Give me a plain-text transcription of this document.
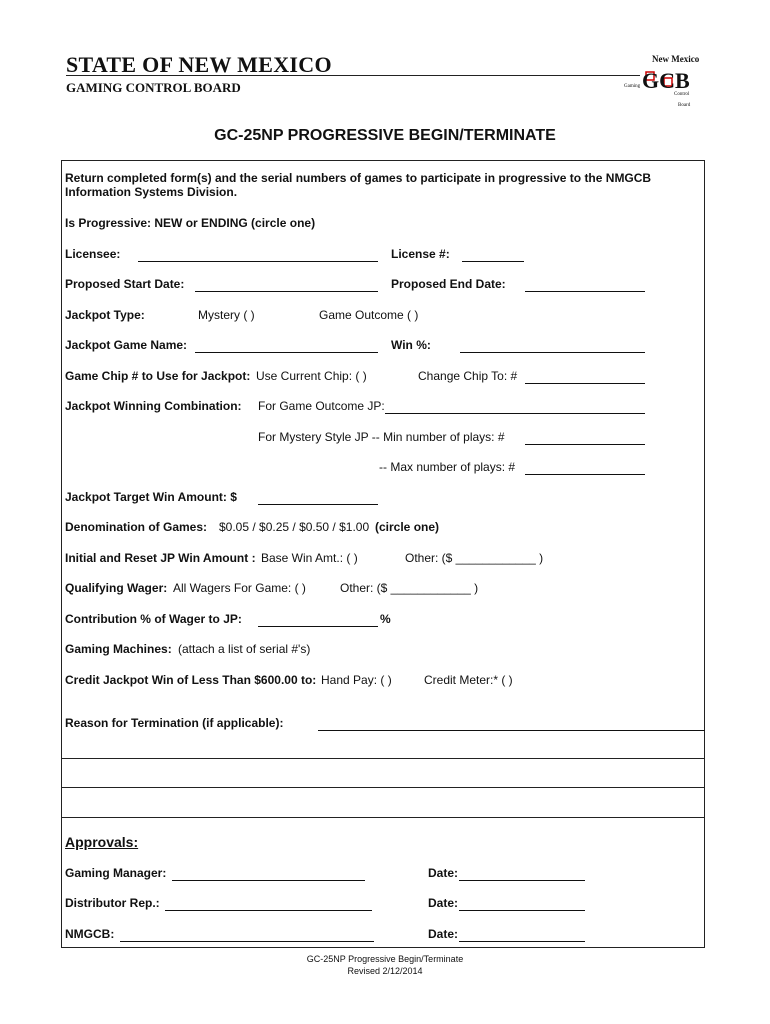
STATE OF NEW MEXICO
GAMING CONTROL BOARD
New Mexico
GCB
Gaming
Control
Board
GC-25NP PROGRESSIVE BEGIN/TERMINATE
Return completed form(s) and the serial numbers of games to participate in progressive to the NMGCB
Information Systems Division.
Is Progressive: NEW or ENDING (circle one)
Licensee:	License #:
Proposed Start Date:	Proposed End Date:
Jackpot Type:	Mystery ( )	Game Outcome ( )
Jackpot Game Name:	Win %:
Game Chip # to Use for Jackpot: Use Current Chip: ( )	Change Chip To: #
Jackpot Winning Combination: For Game Outcome JP:
For Mystery Style JP -- Min number of plays: #
-- Max number of plays: #
Jackpot Target Win Amount: $
Denomination of Games: $0.05 / $0.25 / $0.50 / $1.00 (circle one)
Initial and Reset JP Win Amount : Base Win Amt.: ( )	Other: ($ ____________ )
Qualifying Wager: All Wagers For Game: ( )	Other: ($ ____________ )
Contribution % of Wager to JP:	%
Gaming Machines: (attach a list of serial #'s)
Credit Jackpot Win of Less Than $600.00 to: Hand Pay: ( )	Credit Meter:* ( )
Reason for Termination (if applicable):
Approvals:
Gaming Manager:	Date:
Distributor Rep.:	Date:
NMGCB:	Date:
GC-25NP Progressive Begin/Terminate
Revised 2/12/2014
